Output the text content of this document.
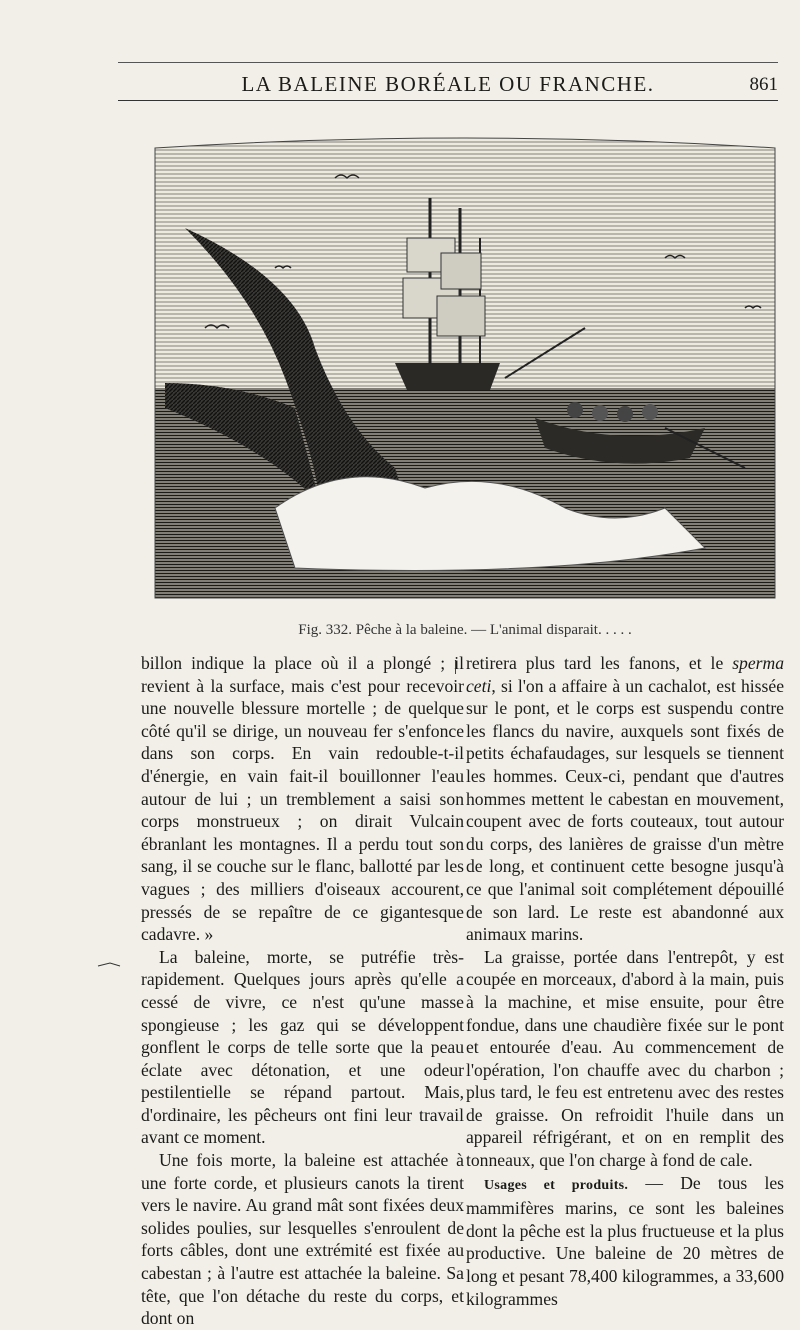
LA BALEINE BORÉALE OU FRANCHE.	861
Fig. 332. Pêche à la baleine. — L'animal disparait. . . . .

billon indique la place où il a plongé ; il revient à la surface, mais c'est pour recevoir une nouvelle blessure mortelle ; de quelque côté qu'il se dirige, un nouveau fer s'enfonce dans son corps. En vain redouble-t-il d'énergie, en vain fait-il bouillonner l'eau autour de lui ; un tremblement a saisi son corps monstrueux ; on dirait Vulcain ébranlant les montagnes. Il a perdu tout son sang, il se couche sur le flanc, ballotté par les vagues ; des milliers d'oiseaux accourent, pressés de se repaître de ce gigantesque cadavre. »

La baleine, morte, se putréfie très-rapidement. Quelques jours après qu'elle a cessé de vivre, ce n'est qu'une masse spongieuse ; les gaz qui se développent gonflent le corps de telle sorte que la peau éclate avec détonation, et une odeur pestilentielle se répand partout. Mais, d'ordinaire, les pêcheurs ont fini leur travail avant ce moment.

Une fois morte, la baleine est attachée à une forte corde, et plusieurs canots la tirent vers le navire. Au grand mât sont fixées deux solides poulies, sur lesquelles s'enroulent de forts câbles, dont une extrémité est fixée au cabestan ; à l'autre est attachée la baleine. Sa tête, que l'on détache du reste du corps, et dont on

retirera plus tard les fanons, et le sperma ceti, si l'on a affaire à un cachalot, est hissée sur le pont, et le corps est suspendu contre les flancs du navire, auxquels sont fixés de petits échafaudages, sur lesquels se tiennent les hommes. Ceux-ci, pendant que d'autres hommes mettent le cabestan en mouvement, coupent avec de forts couteaux, tout autour du corps, des lanières de graisse d'un mètre de long, et continuent cette besogne jusqu'à ce que l'animal soit complétement dépouillé de son lard. Le reste est abandonné aux animaux marins.

La graisse, portée dans l'entrepôt, y est coupée en morceaux, d'abord à la main, puis à la machine, et mise ensuite, pour être fondue, dans une chaudière fixée sur le pont et entourée d'eau. Au commencement de l'opération, l'on chauffe avec du charbon ; plus tard, le feu est entretenu avec des restes de graisse. On refroidit l'huile dans un appareil réfrigérant, et on en remplit des tonneaux, que l'on charge à fond de cale.

Usages et produits. — De tous les mammifères marins, ce sont les baleines dont la pêche est la plus fructueuse et la plus productive. Une baleine de 20 mètres de long et pesant 78,400 kilogrammes, a 33,600 kilogrammes
